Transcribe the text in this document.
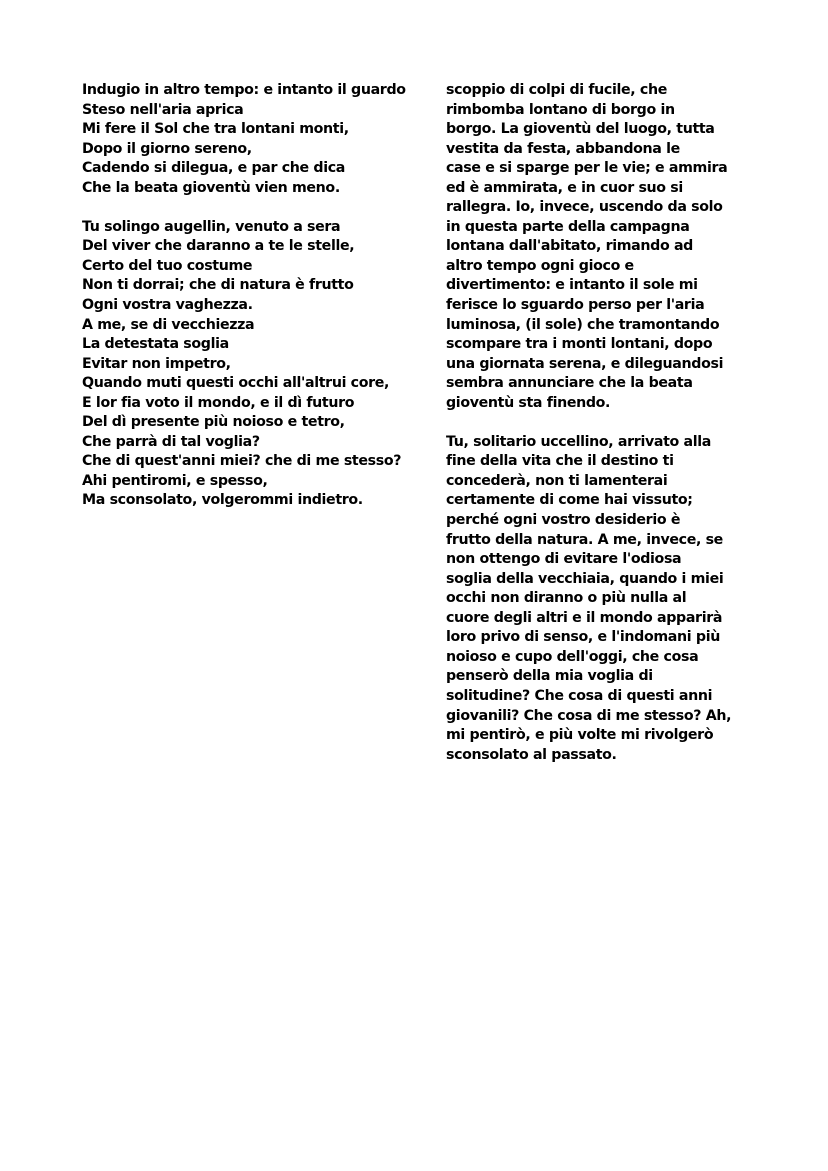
Indugio in altro tempo: e intanto il guardo
Steso nell'aria aprica
Mi fere il Sol che tra lontani monti,
Dopo il giorno sereno,
Cadendo si dilegua, e par che dica
Che la beata gioventù vien meno.
Tu solingo augellin, venuto a sera
Del viver che daranno a te le stelle,
Certo del tuo costume
Non ti dorrai; che di natura è frutto
Ogni vostra vaghezza.
A me, se di vecchiezza
La detestata soglia
Evitar non impetro,
Quando muti questi occhi all'altrui core,
E lor fia voto il mondo, e il dì futuro
Del dì presente più noioso e tetro,
Che parrà di tal voglia?
Che di quest'anni miei? che di me stesso?
Ahi pentiromi, e spesso,
Ma sconsolato, volgerommi indietro.
scoppio di colpi di fucile, che
rimbomba lontano di borgo in
borgo. La gioventù del luogo, tutta
vestita da festa, abbandona le
case e si sparge per le vie; e ammira
ed è ammirata, e in cuor suo si
rallegra. Io, invece, uscendo da solo
in questa parte della campagna
lontana dall'abitato, rimando ad
altro tempo ogni gioco e
divertimento: e intanto il sole mi
ferisce lo sguardo perso per l'aria
luminosa, (il sole) che tramontando
scompare tra i monti lontani, dopo
una giornata serena, e dileguandosi
sembra annunciare che la beata
gioventù sta finendo.
Tu, solitario uccellino, arrivato alla
fine della vita che il destino ti
concederà, non ti lamenterai
certamente di come hai vissuto;
perché ogni vostro desiderio è
frutto della natura. A me, invece, se
non ottengo di evitare l'odiosa
soglia della vecchiaia, quando i miei
occhi non diranno o più nulla al
cuore degli altri e il mondo apparirà
loro privo di senso, e l'indomani più
noioso e cupo dell'oggi, che cosa
penserò della mia voglia di
solitudine? Che cosa di questi anni
giovanili? Che cosa di me stesso? Ah,
mi pentirò, e più volte mi rivolgerò
sconsolato al passato.
